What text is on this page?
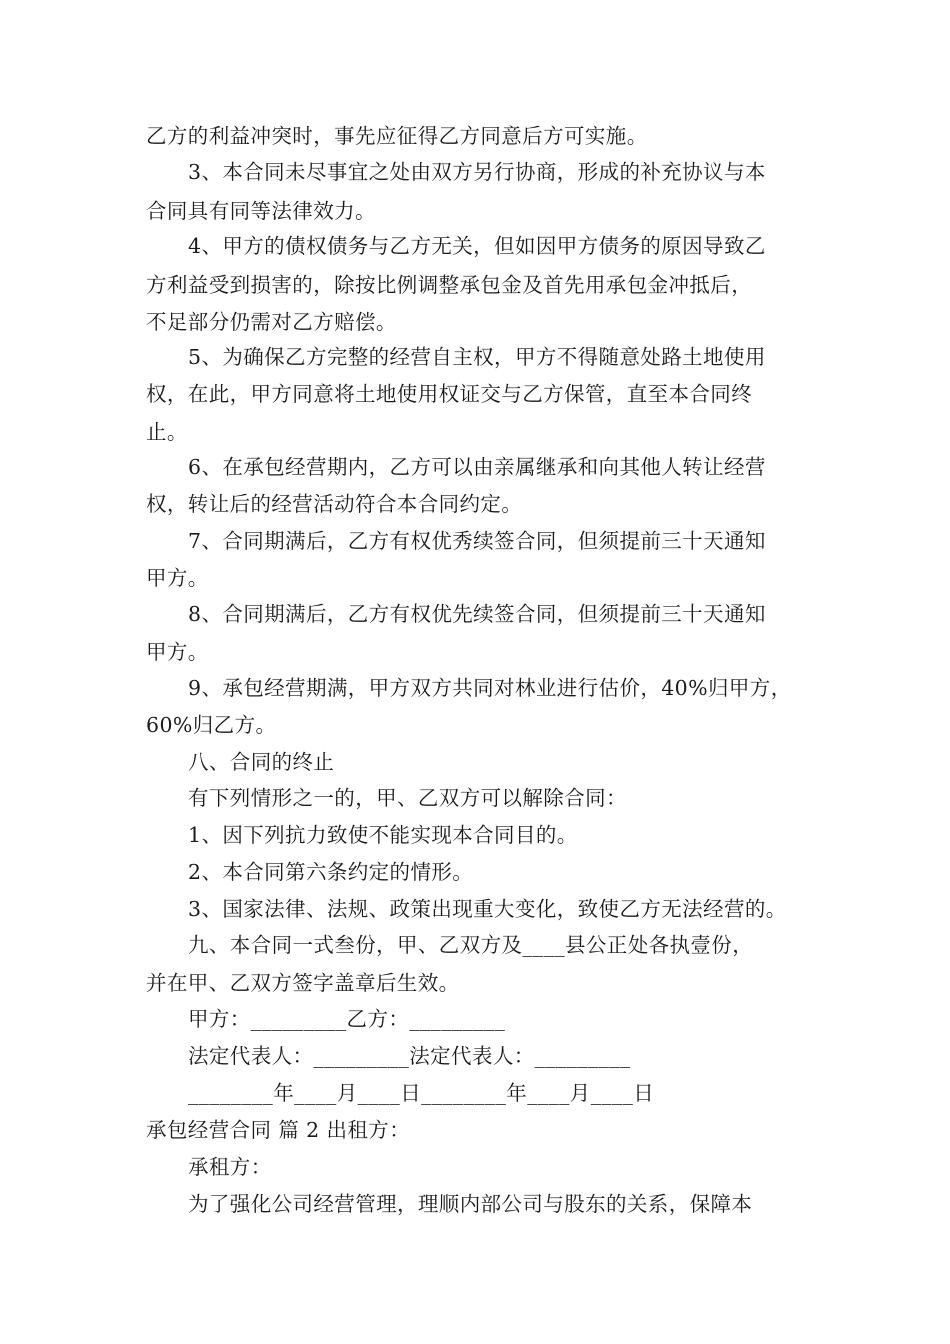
乙方的利益冲突时，事先应征得乙方同意后方可实施。
3、本合同未尽事宜之处由双方另行协商，形成的补充协议与本
合同具有同等法律效力。
4、甲方的债权债务与乙方无关，但如因甲方债务的原因导致乙
方利益受到损害的，除按比例调整承包金及首先用承包金冲抵后，
不足部分仍需对乙方赔偿。
5、为确保乙方完整的经营自主权，甲方不得随意处路土地使用
权，在此，甲方同意将土地使用权证交与乙方保管，直至本合同终
止。
6、在承包经营期内，乙方可以由亲属继承和向其他人转让经营
权，转让后的经营活动符合本合同约定。
7、合同期满后，乙方有权优秀续签合同，但须提前三十天通知
甲方。
8、合同期满后，乙方有权优先续签合同，但须提前三十天通知
甲方。
9、承包经营期满，甲方双方共同对林业进行估价，40%归甲方，
60%归乙方。
八、合同的终止
有下列情形之一的，甲、乙双方可以解除合同：
1、因下列抗力致使不能实现本合同目的。
2、本合同第六条约定的情形。
3、国家法律、法规、政策出现重大变化，致使乙方无法经营的。
九、本合同一式叁份，甲、乙双方及____县公正处各执壹份，
并在甲、乙双方签字盖章后生效。
甲方：_________乙方：_________
法定代表人：_________法定代表人：_________
________年____月____日________年____月____日
承包经营合同 篇 2 出租方：
承租方：
为了强化公司经营管理，理顺内部公司与股东的关系，保障本
